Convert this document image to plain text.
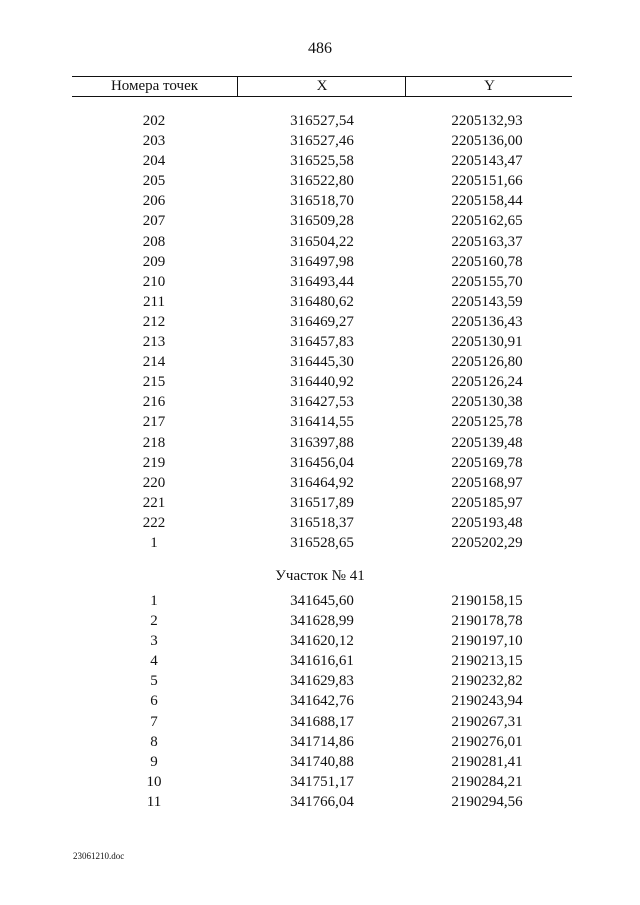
486
Номера точек	X	Y
202	316527,54	2205132,93
203	316527,46	2205136,00
204	316525,58	2205143,47
205	316522,80	2205151,66
206	316518,70	2205158,44
207	316509,28	2205162,65
208	316504,22	2205163,37
209	316497,98	2205160,78
210	316493,44	2205155,70
211	316480,62	2205143,59
212	316469,27	2205136,43
213	316457,83	2205130,91
214	316445,30	2205126,80
215	316440,92	2205126,24
216	316427,53	2205130,38
217	316414,55	2205125,78
218	316397,88	2205139,48
219	316456,04	2205169,78
220	316464,92	2205168,97
221	316517,89	2205185,97
222	316518,37	2205193,48
1	316528,65	2205202,29
Участок № 41
1	341645,60	2190158,15
2	341628,99	2190178,78
3	341620,12	2190197,10
4	341616,61	2190213,15
5	341629,83	2190232,82
6	341642,76	2190243,94
7	341688,17	2190267,31
8	341714,86	2190276,01
9	341740,88	2190281,41
10	341751,17	2190284,21
11	341766,04	2190294,56
23061210.doc
